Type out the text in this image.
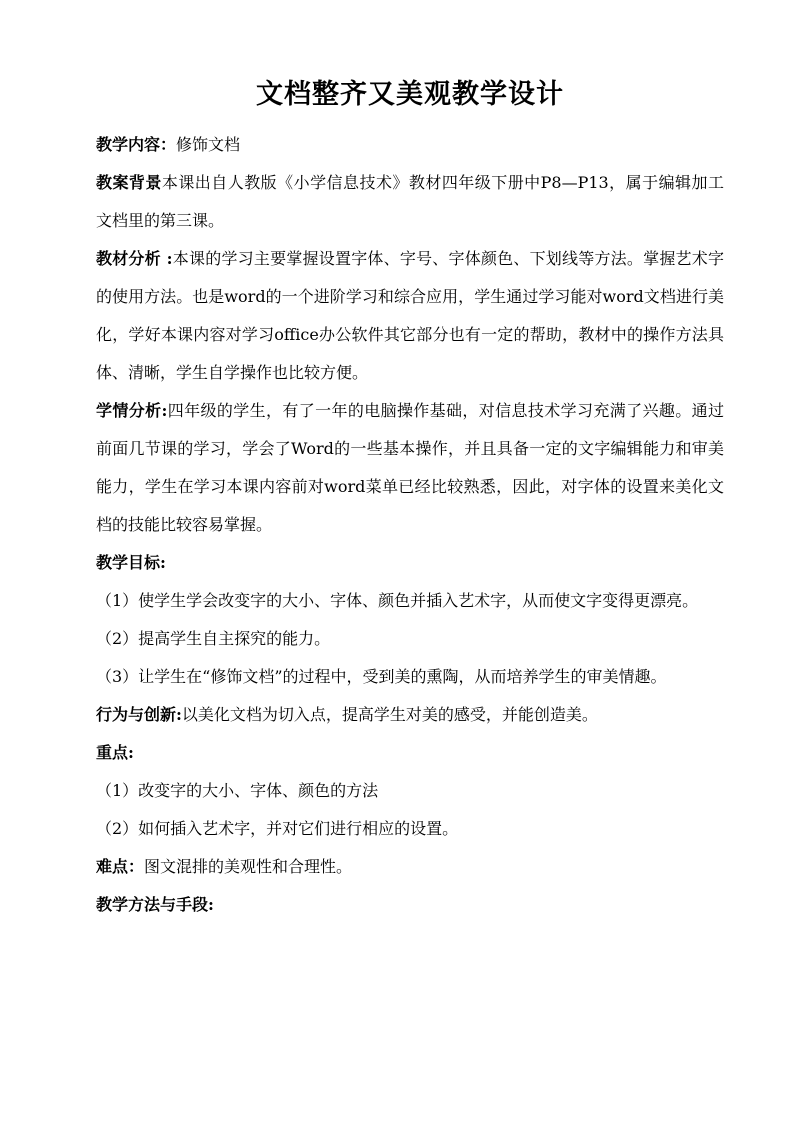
文档整齐又美观教学设计

教学内容：修饰文档

教案背景本课出自人教版《小学信息技术》教材四年级下册中P8—P13，属于编辑加工文档里的第三课。

教材分析 :本课的学习主要掌握设置字体、字号、字体颜色、下划线等方法。掌握艺术字的使用方法。也是word的一个进阶学习和综合应用，学生通过学习能对word文档进行美化，学好本课内容对学习office办公软件其它部分也有一定的帮助，教材中的操作方法具体、清晰，学生自学操作也比较方便。

学情分析:四年级的学生，有了一年的电脑操作基础，对信息技术学习充满了兴趣。通过前面几节课的学习，学会了Word的一些基本操作，并且具备一定的文字编辑能力和审美能力，学生在学习本课内容前对word菜单已经比较熟悉，因此，对字体的设置来美化文档的技能比较容易掌握。

教学目标:

（1）使学生学会改变字的大小、字体、颜色并插入艺术字，从而使文字变得更漂亮。

（2）提高学生自主探究的能力。

（3）让学生在“修饰文档”的过程中，受到美的熏陶，从而培养学生的审美情趣。

行为与创新:以美化文档为切入点，提高学生对美的感受，并能创造美。

重点:

（1）改变字的大小、字体、颜色的方法

（2）如何插入艺术字，并对它们进行相应的设置。

难点：图文混排的美观性和合理性。

教学方法与手段:
